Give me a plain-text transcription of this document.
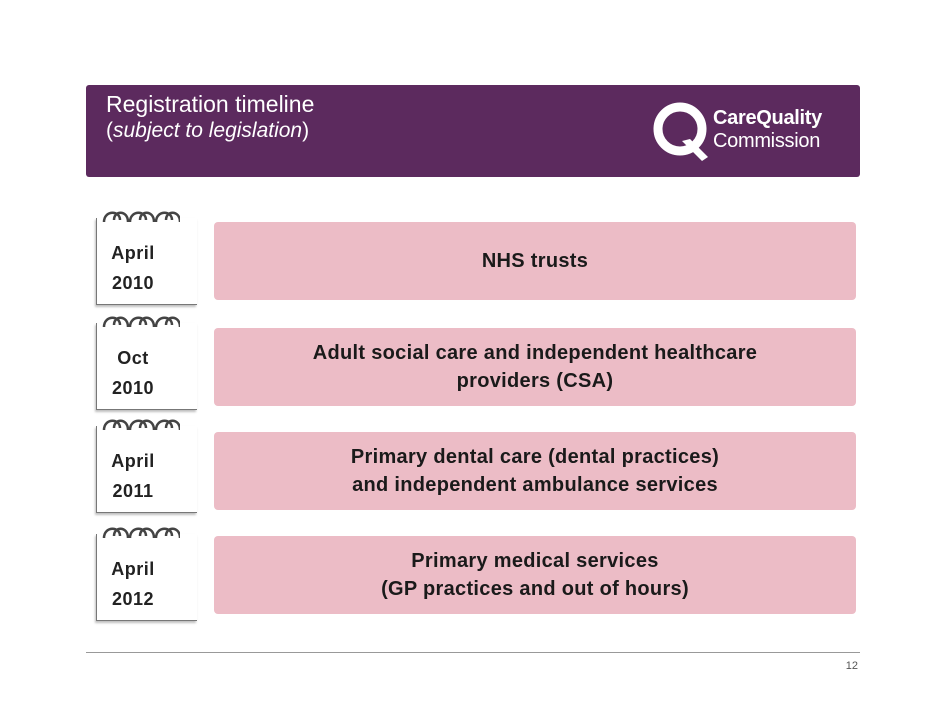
Registration timeline
(subject to legislation)
CareQuality
Commission
April
2010
NHS trusts
Oct
2010
Adult social care and independent healthcare
providers (CSA)
April
2011
Primary dental care (dental practices)
and independent ambulance services
April
2012
Primary medical services
(GP practices and out of hours)
12
